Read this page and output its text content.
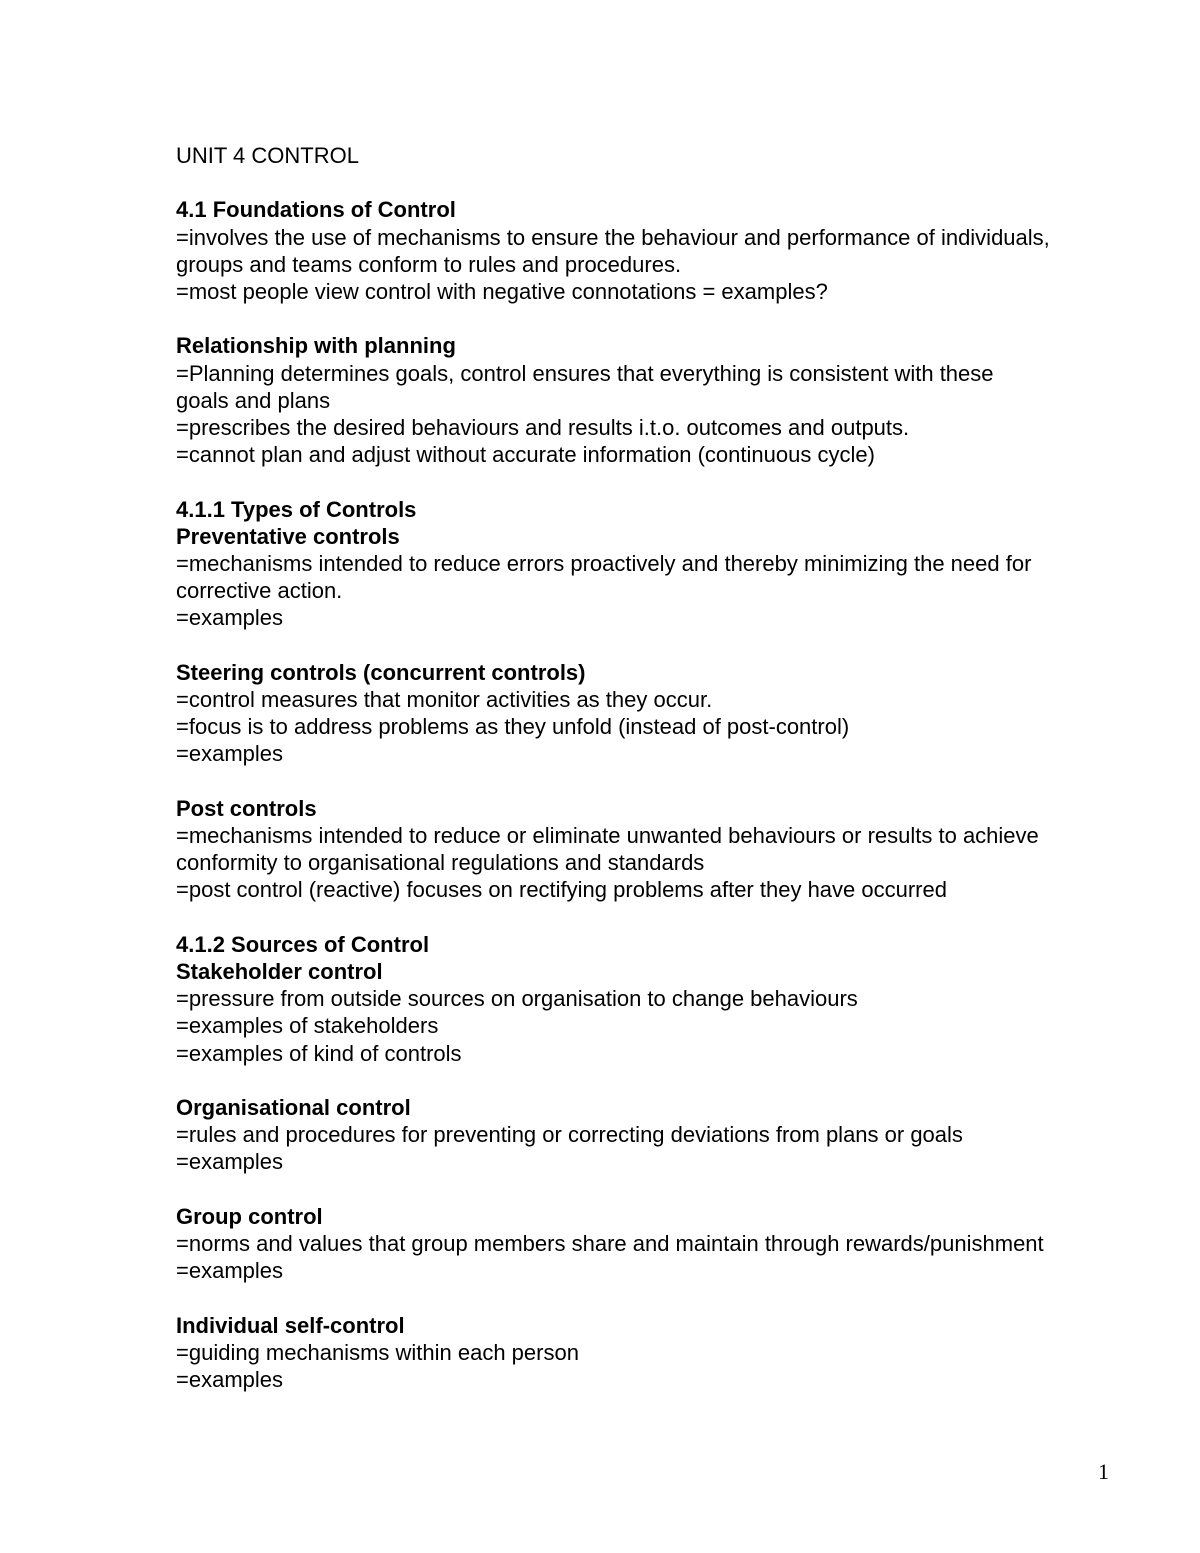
UNIT 4 CONTROL

4.1 Foundations of Control

=involves the use of mechanisms to ensure the behaviour and performance of individuals,

groups and teams conform to rules and procedures.

=most people view control with negative connotations = examples?

Relationship with planning

=Planning determines goals, control ensures that everything is consistent with these

goals and plans

=prescribes the desired behaviours and results i.t.o. outcomes and outputs.

=cannot plan and adjust without accurate information (continuous cycle)

4.1.1 Types of Controls

Preventative controls

=mechanisms intended to reduce errors proactively and thereby minimizing the need for

corrective action.

=examples

Steering controls (concurrent controls)

=control measures that monitor activities as they occur.

=focus is to address problems as they unfold (instead of post-control)

=examples

Post controls

=mechanisms intended to reduce or eliminate unwanted behaviours or results to achieve

conformity to organisational regulations and standards

=post control (reactive) focuses on rectifying problems after they have occurred

4.1.2 Sources of Control

Stakeholder control

=pressure from outside sources on organisation to change behaviours

=examples of stakeholders

=examples of kind of controls

Organisational control

=rules and procedures for preventing or correcting deviations from plans or goals

=examples

Group control

=norms and values that group members share and maintain through rewards/punishment

=examples

Individual self-control

=guiding mechanisms within each person

=examples

1
